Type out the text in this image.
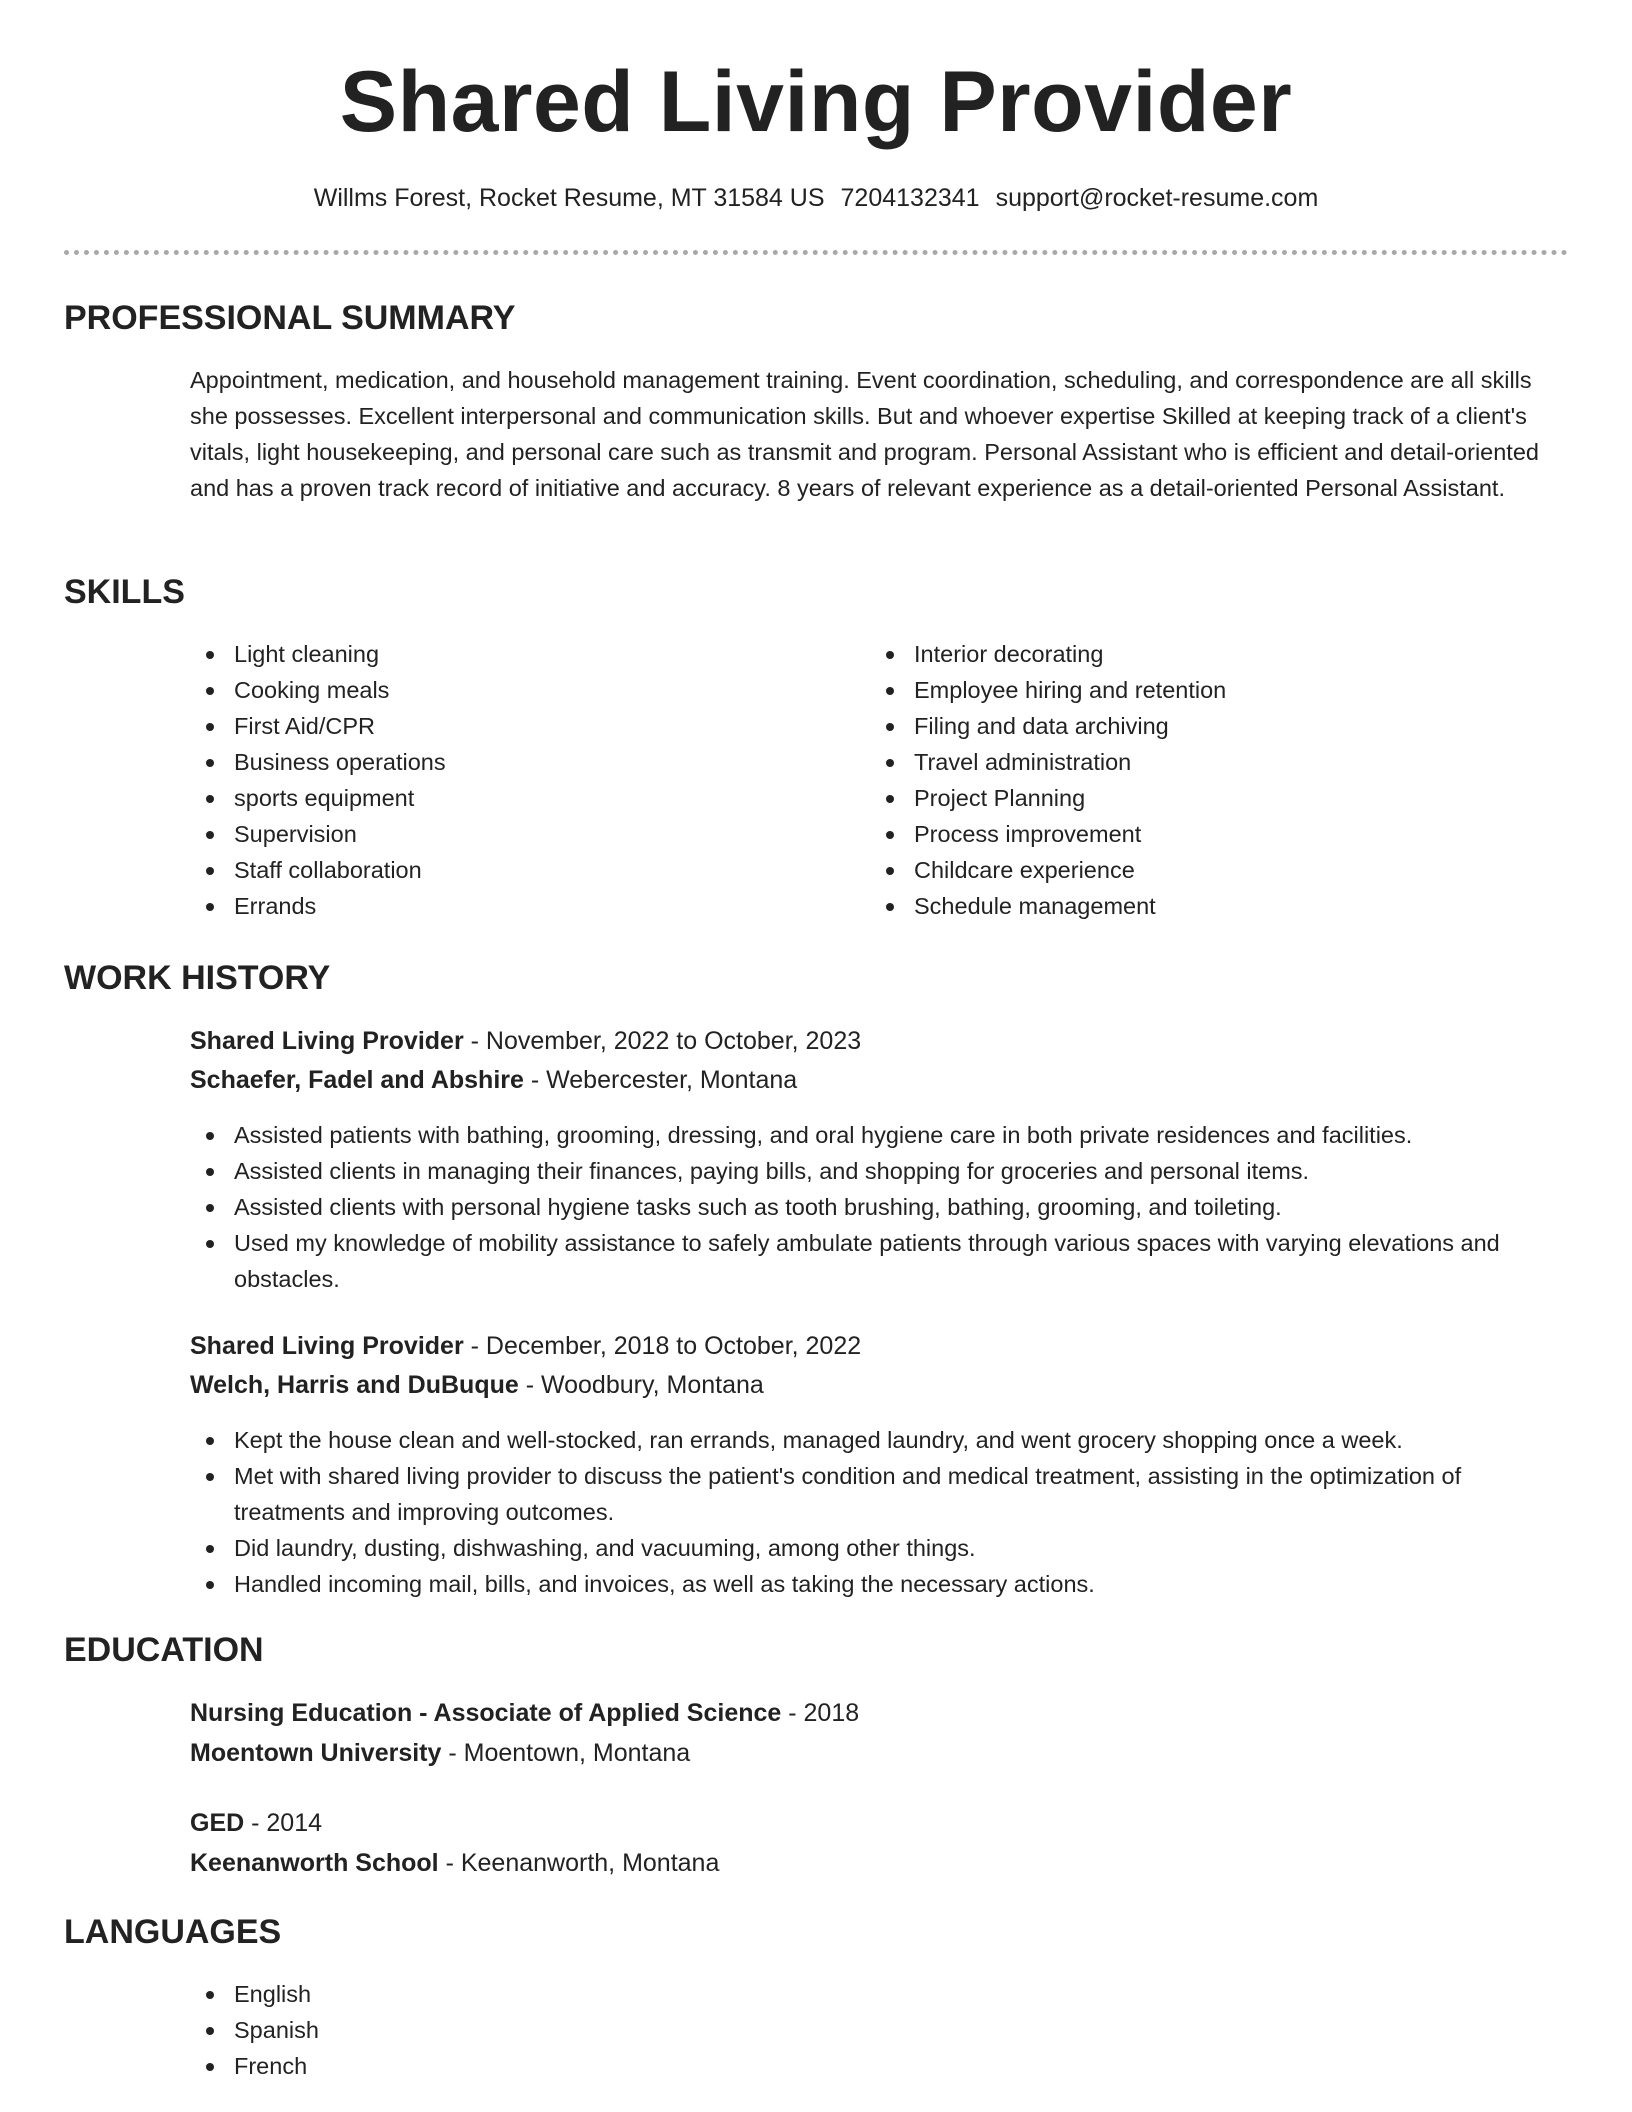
Shared Living Provider
Willms Forest, Rocket Resume, MT 31584 US 7204132341 support@rocket-resume.com
PROFESSIONAL SUMMARY

Appointment, medication, and household management training. Event coordination, scheduling, and correspondence are all skills she possesses. Excellent interpersonal and communication skills. But and whoever expertise Skilled at keeping track of a client's vitals, light housekeeping, and personal care such as transmit and program. Personal Assistant who is efficient and detail-oriented and has a proven track record of initiative and accuracy. 8 years of relevant experience as a detail-oriented Personal Assistant.

SKILLS
Light cleaning
Cooking meals
First Aid/CPR
Business operations
sports equipment
Supervision
Staff collaboration
Errands
Interior decorating
Employee hiring and retention
Filing and data archiving
Travel administration
Project Planning
Process improvement
Childcare experience
Schedule management
WORK HISTORY
Shared Living Provider - November, 2022 to October, 2023
Schaefer, Fadel and Abshire - Webercester, Montana
Assisted patients with bathing, grooming, dressing, and oral hygiene care in both private residences and facilities.
Assisted clients in managing their finances, paying bills, and shopping for groceries and personal items.
Assisted clients with personal hygiene tasks such as tooth brushing, bathing, grooming, and toileting.
Used my knowledge of mobility assistance to safely ambulate patients through various spaces with varying elevations and obstacles.
Shared Living Provider - December, 2018 to October, 2022
Welch, Harris and DuBuque - Woodbury, Montana
Kept the house clean and well-stocked, ran errands, managed laundry, and went grocery shopping once a week.
Met with shared living provider to discuss the patient's condition and medical treatment, assisting in the optimization of treatments and improving outcomes.
Did laundry, dusting, dishwashing, and vacuuming, among other things.
Handled incoming mail, bills, and invoices, as well as taking the necessary actions.
EDUCATION
Nursing Education - Associate of Applied Science - 2018
Moentown University - Moentown, Montana
GED - 2014
Keenanworth School - Keenanworth, Montana
LANGUAGES
English
Spanish
French
